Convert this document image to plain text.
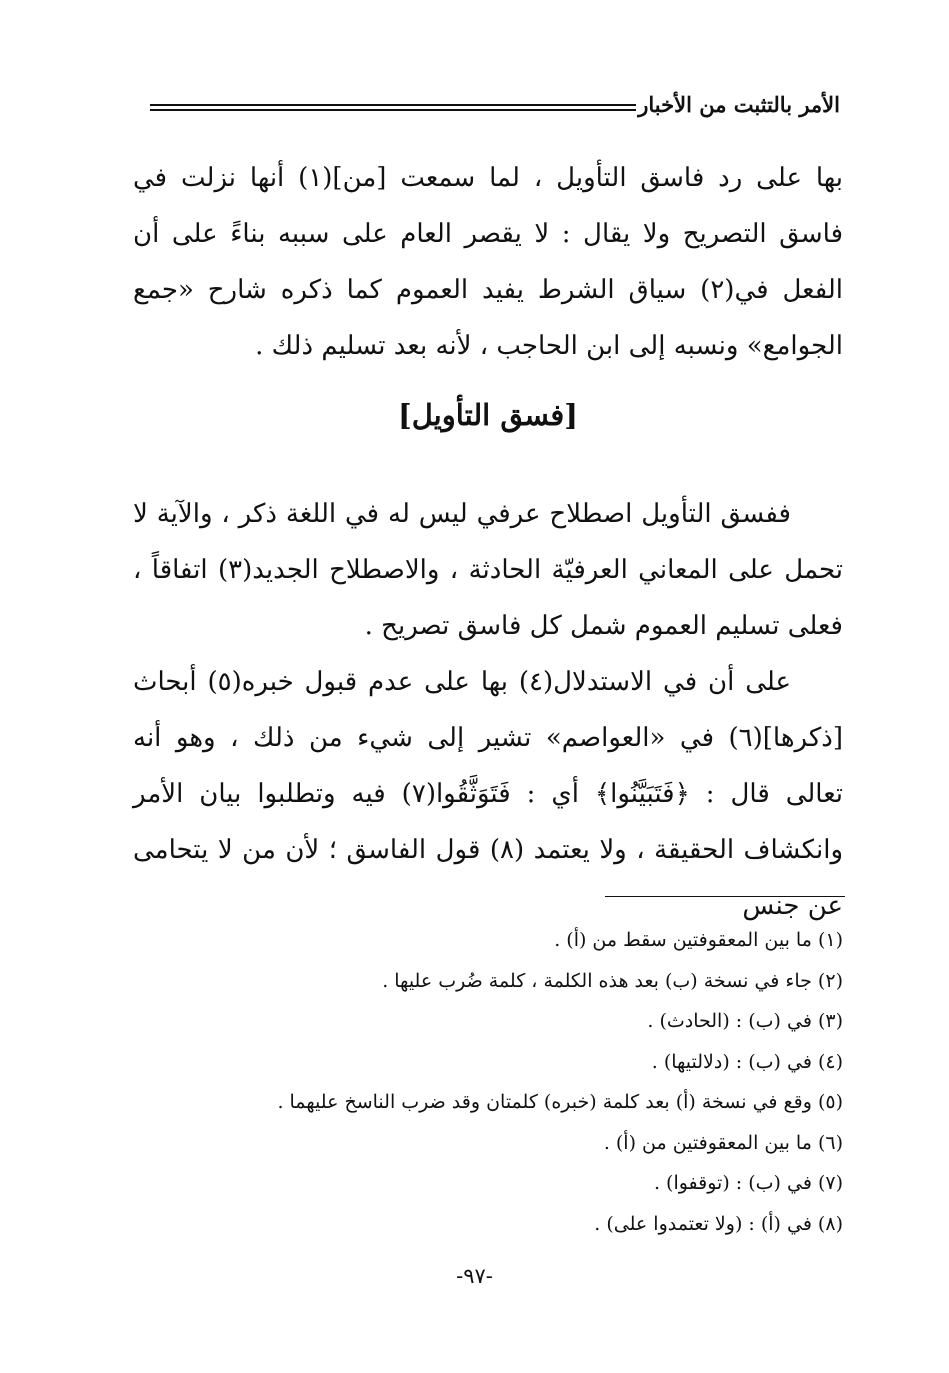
الأمر بالتثبت من الأخبار

بها على رد فاسق التأويل ، لما سمعت [من](١) أنها نزلت في فاسق التصريح ولا يقال : لا يقصر العام على سببه بناءً على أن الفعل في(٢) سياق الشرط يفيد العموم كما ذكره شارح «جمع الجوامع» ونسبه إلى ابن الحاجب ، لأنه بعد تسليم ذلك .

[فسق التأويل]

ففسق التأويل اصطلاح عرفي ليس له في اللغة ذكر ، والآية لا تحمل على المعاني العرفيّة الحادثة ، والاصطلاح الجديد(٣) اتفاقاً ، فعلى تسليم العموم شمل كل فاسق تصريح .

على أن في الاستدلال(٤) بها على عدم قبول خبره(٥) أبحاث [ذكرها](٦) في «العواصم» تشير إلى شيء من ذلك ، وهو أنه تعالى قال : ﴿فَتَبَيَّنُوا﴾ أي : فَتَوَثَّقُوا(٧) فيه وتطلبوا بيان الأمر وانكشاف الحقيقة ، ولا يعتمد (٨) قول الفاسق ؛ لأن من لا يتحامى عن جنس

(١) ما بين المعقوفتين سقط من (أ) .
(٢) جاء في نسخة (ب) بعد هذه الكلمة ، كلمة ضُرب عليها .
(٣) في (ب) : (الحادث) .
(٤) في (ب) : (دلالتيها) .
(٥) وقع في نسخة (أ) بعد كلمة (خبره) كلمتان وقد ضرب الناسخ عليهما .
(٦) ما بين المعقوفتين من (أ) .
(٧) في (ب) : (توقفوا) .
(٨) في (أ) : (ولا تعتمدوا على) .
-٩٧-
